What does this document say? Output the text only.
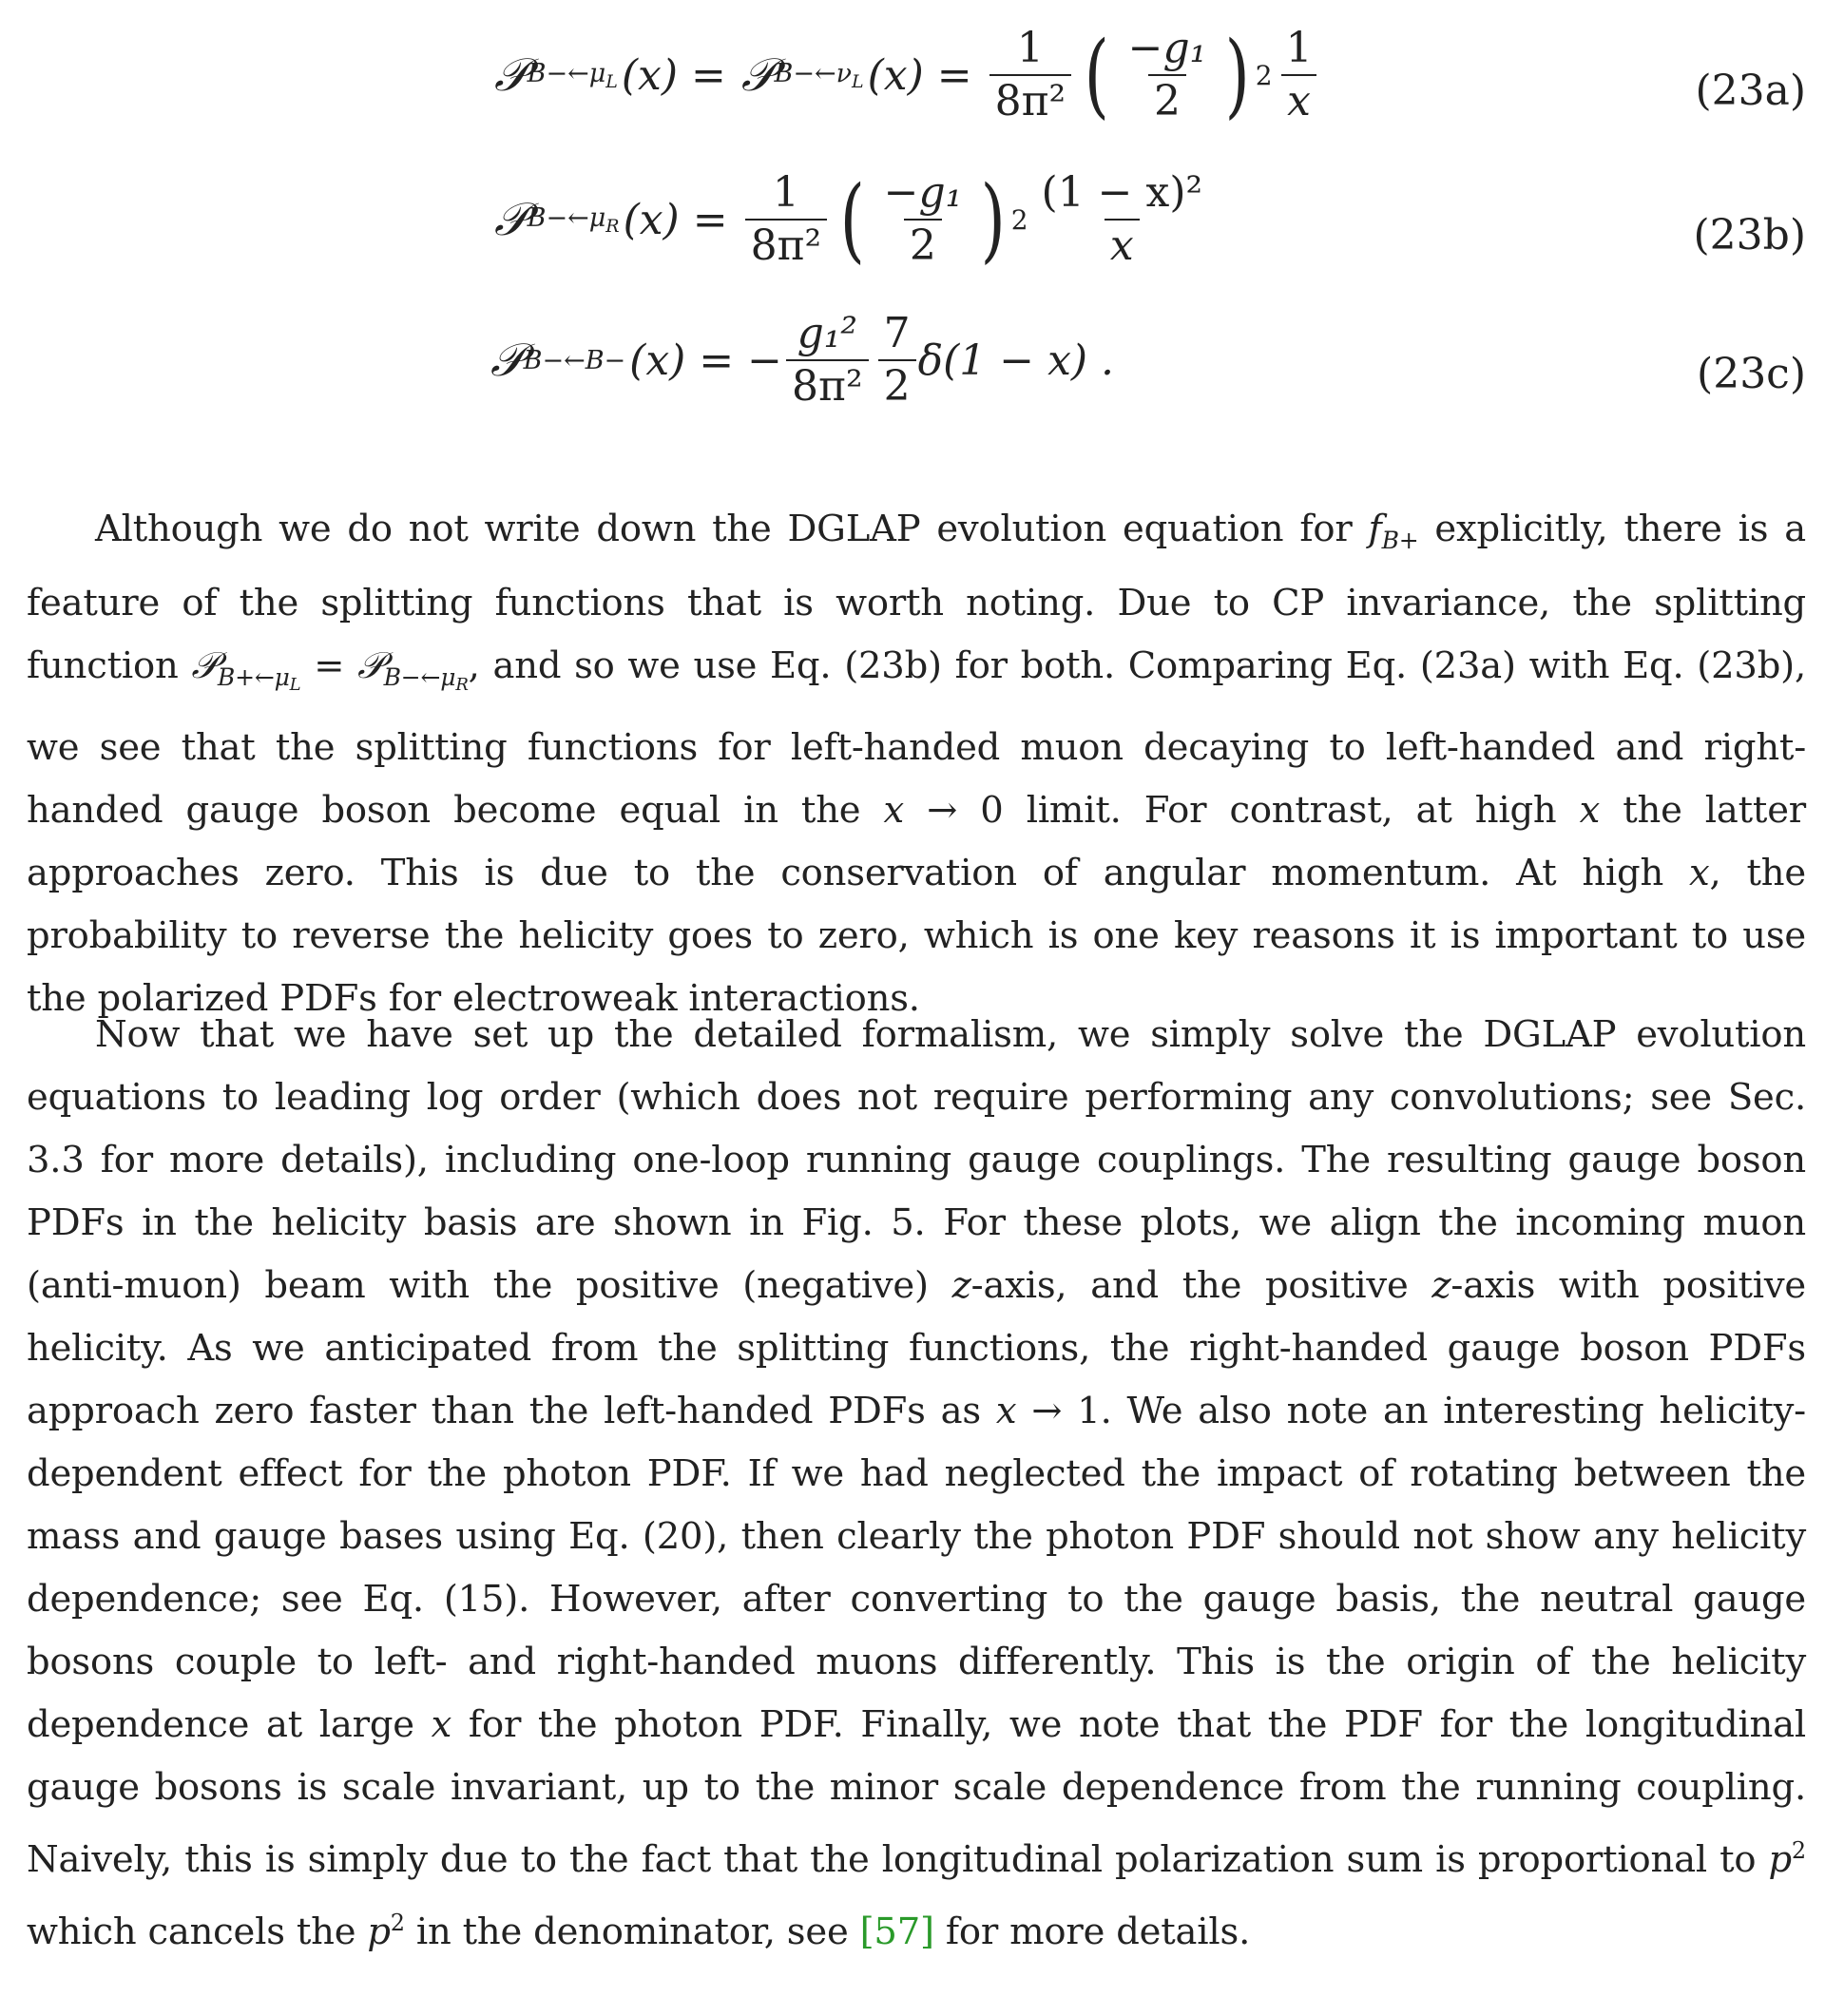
𝒫 $B-\leftarrow\mu_L$ (x) = 𝒫 $B-\leftarrow\nu_L$ $(x) = \frac{1}{\text{8π²}}$ ( $\frac{\text{−g₁}}{2}$ ) $2 \frac{1}{x}$	(23a)
𝒫 $B-\leftarrow\mu_R$ $(x) = \frac{1}{\text{8π²}}$ ( $\frac{\text{−g₁}}{2}$ ) $2 \frac{\text{(1 − x)²}}{x}$	(23b)
𝒫 B−←B− (x) = − $\frac{\text{g₁²}}{\text{8π²}} \frac{7}{2} \delta(1 - x)$ .	(23c)

Although we do not write down the DGLAP evolution equation for $f_{B+}$ explicitly, there is a feature of the splitting functions that is worth noting. Due to CP invariance, the splitting function 𝒫$_{B+\leftarrow\mu_L}$ = 𝒫$_{B-\leftarrow\mu_R}$, and so we use Eq. (23b) for both. Comparing Eq. (23a) with Eq. (23b), we see that the splitting functions for left-handed muon decaying to left-handed and right-handed gauge boson become equal in the x → 0 limit. For contrast, at high x the latter approaches zero. This is due to the conservation of angular momentum. At high x, the probability to reverse the helicity goes to zero, which is one key reasons it is important to use the polarized PDFs for electroweak interactions.

Now that we have set up the detailed formalism, we simply solve the DGLAP evolution equations to leading log order (which does not require performing any convolutions; see Sec. 3.3 for more details), including one-loop running gauge couplings. The resulting gauge boson PDFs in the helicity basis are shown in Fig. 5. For these plots, we align the incoming muon (anti-muon) beam with the positive (negative) z-axis, and the positive z-axis with positive helicity. As we anticipated from the splitting functions, the right-handed gauge boson PDFs approach zero faster than the left-handed PDFs as x → 1. We also note an interesting helicity-dependent effect for the photon PDF. If we had neglected the impact of rotating between the mass and gauge bases using Eq. (20), then clearly the photon PDF should not show any helicity dependence; see Eq. (15). However, after converting to the gauge basis, the neutral gauge bosons couple to left- and right-handed muons differently. This is the origin of the helicity dependence at large x for the photon PDF. Finally, we note that the PDF for the longitudinal gauge bosons is scale invariant, up to the minor scale dependence from the running coupling. Naively, this is simply due to the fact that the longitudinal polarization sum is proportional to $p^2$ which cancels the $p^2$ in the denominator, see [57] for more details.
